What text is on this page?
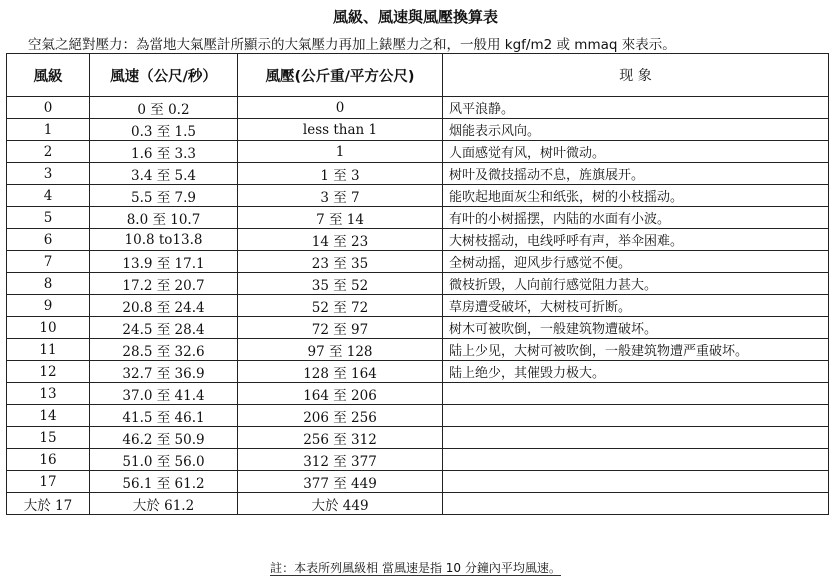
風級、風速與風壓換算表
空氣之絕對壓力：為當地大氣壓計所顯示的大氣壓力再加上錶壓力之和，一般用 kgf/m2 或 mmaq 來表示。
風級	風速（公尺/秒）	風壓(公斤重/平方公尺)	现 象
0	0 至 0.2	0	风平浪静。
1	0.3 至 1.5	less than 1	烟能表示风向。
2	1.6 至 3.3	1	人面感觉有风，树叶微动。
3	3.4 至 5.4	1 至 3	树叶及微技摇动不息，旌旗展开。
4	5.5 至 7.9	3 至 7	能吹起地面灰尘和纸张，树的小枝摇动。
5	8.0 至 10.7	7 至 14	有叶的小树摇摆，内陆的水面有小波。
6	10.8 to13.8	14 至 23	大树枝摇动，电线呼呼有声，举伞困难。
7	13.9 至 17.1	23 至 35	全树动摇，迎风步行感觉不便。
8	17.2 至 20.7	35 至 52	微枝折毁，人向前行感觉阻力甚大。
9	20.8 至 24.4	52 至 72	草房遭受破坏，大树枝可折断。
10	24.5 至 28.4	72 至 97	树木可被吹倒，一般建筑物遭破坏。
11	28.5 至 32.6	97 至 128	陆上少见，大树可被吹倒，一般建筑物遭严重破坏。
12	32.7 至 36.9	128 至 164	陆上绝少，其催毁力极大。
13	37.0 至 41.4	164 至 206	
14	41.5 至 46.1	206 至 256	
15	46.2 至 50.9	256 至 312	
16	51.0 至 56.0	312 至 377	
17	56.1 至 61.2	377 至 449	
大於 17	大於 61.2	大於 449	
註：本表所列風級相 當風速是指 10 分鐘內平均風速。
